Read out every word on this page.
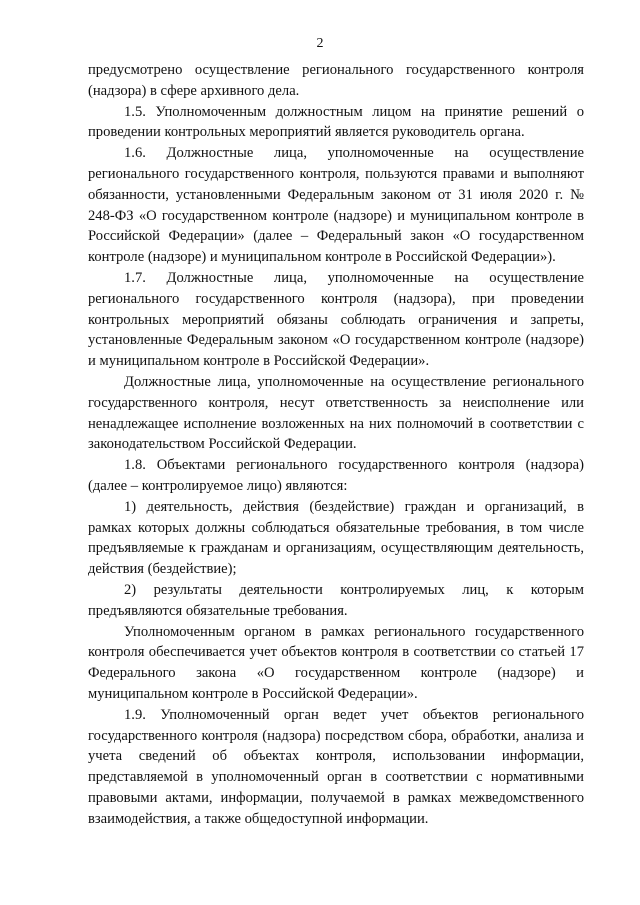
2

предусмотрено осуществление регионального государственного контроля (надзора) в сфере архивного дела.

1.5. Уполномоченным должностным лицом на принятие решений о проведении контрольных мероприятий является руководитель органа.

1.6. Должностные лица, уполномоченные на осуществление регионального государственного контроля, пользуются правами и выполняют обязанности, установленными Федеральным законом от 31 июля 2020 г. № 248-ФЗ «О государственном контроле (надзоре) и муниципальном контроле в Российской Федерации» (далее – Федеральный закон «О государственном контроле (надзоре) и муниципальном контроле в Российской Федерации»).

1.7. Должностные лица, уполномоченные на осуществление регионального государственного контроля (надзора), при проведении контрольных мероприятий обязаны соблюдать ограничения и запреты, установленные Федеральным законом «О государственном контроле (надзоре) и муниципальном контроле в Российской Федерации».

Должностные лица, уполномоченные на осуществление регионального государственного контроля, несут ответственность за неисполнение или ненадлежащее исполнение возложенных на них полномочий в соответствии с законодательством Российской Федерации.

1.8. Объектами регионального государственного контроля (надзора) (далее – контролируемое лицо) являются:

1) деятельность, действия (бездействие) граждан и организаций, в рамках которых должны соблюдаться обязательные требования, в том числе предъявляемые к гражданам и организациям, осуществляющим деятельность, действия (бездействие);

2) результаты деятельности контролируемых лиц, к которым предъявляются обязательные требования.

Уполномоченным органом в рамках регионального государственного контроля обеспечивается учет объектов контроля в соответствии со статьей 17 Федерального закона «О государственном контроле (надзоре) и муниципальном контроле в Российской Федерации».

1.9. Уполномоченный орган ведет учет объектов регионального государственного контроля (надзора) посредством сбора, обработки, анализа и учета сведений об объектах контроля, использовании информации, представляемой в уполномоченный орган в соответствии с нормативными правовыми актами, информации, получаемой в рамках межведомственного взаимодействия, а также общедоступной информации.
